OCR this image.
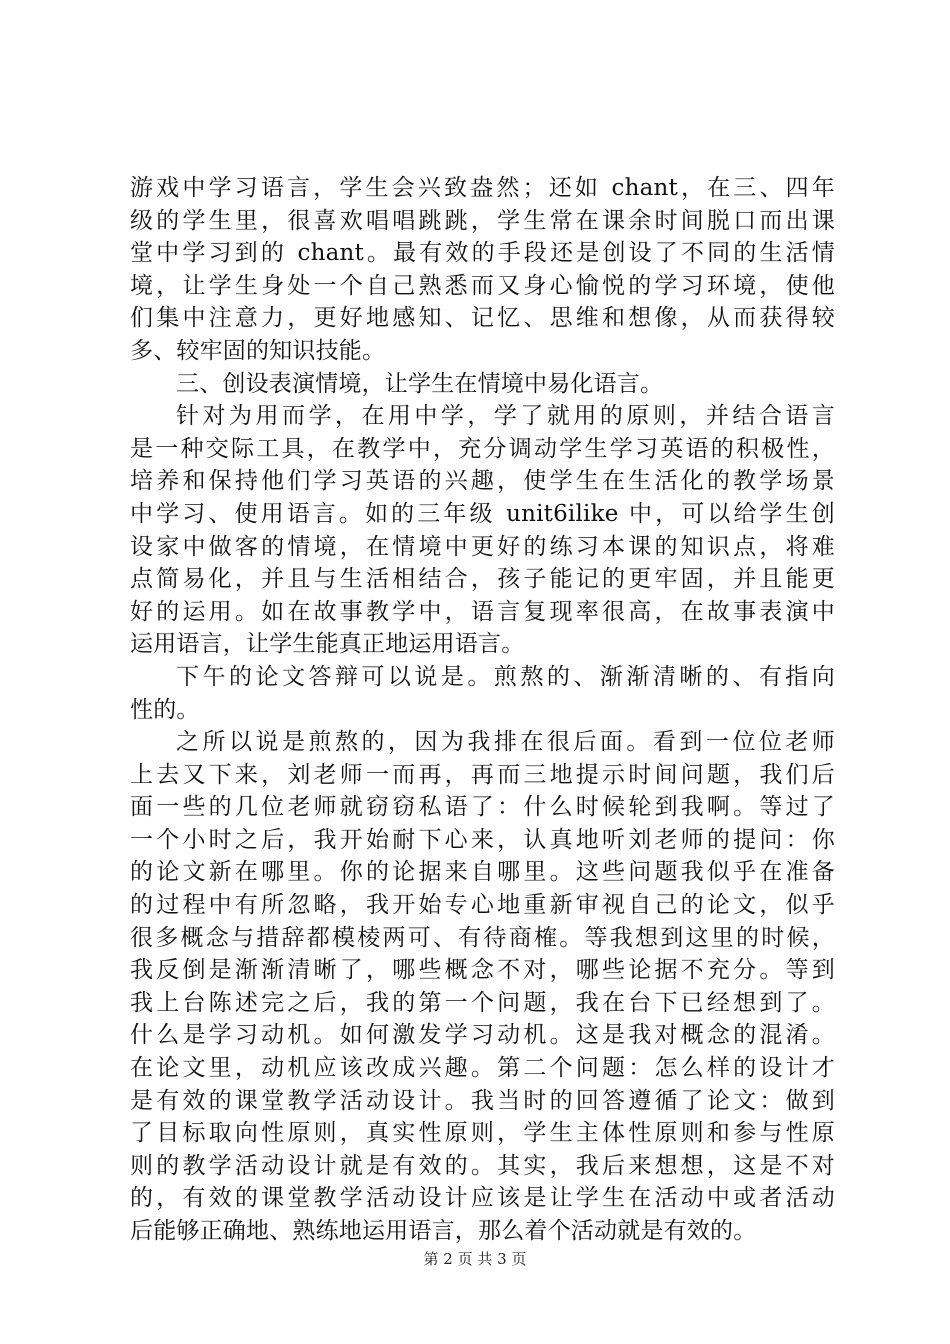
游戏中学习语言，学生会兴致盎然；还如 chant，在三、四年
级的学生里，很喜欢唱唱跳跳，学生常在课余时间脱口而出课
堂中学习到的 chant。最有效的手段还是创设了不同的生活情
境，让学生身处一个自己熟悉而又身心愉悦的学习环境，使他
们集中注意力，更好地感知、记忆、思维和想像，从而获得较
多、较牢固的知识技能。
三、创设表演情境，让学生在情境中易化语言。
针对为用而学，在用中学，学了就用的原则，并结合语言
是一种交际工具，在教学中，充分调动学生学习英语的积极性，
培养和保持他们学习英语的兴趣，使学生在生活化的教学场景
中学习、使用语言。如的三年级 unit6ilike 中，可以给学生创
设家中做客的情境，在情境中更好的练习本课的知识点，将难
点简易化，并且与生活相结合，孩子能记的更牢固，并且能更
好的运用。如在故事教学中，语言复现率很高，在故事表演中
运用语言，让学生能真正地运用语言。
下午的论文答辩可以说是。煎熬的、渐渐清晰的、有指向
性的。
之所以说是煎熬的，因为我排在很后面。看到一位位老师
上去又下来，刘老师一而再，再而三地提示时间问题，我们后
面一些的几位老师就窃窃私语了：什么时候轮到我啊。等过了
一个小时之后，我开始耐下心来，认真地听刘老师的提问：你
的论文新在哪里。你的论据来自哪里。这些问题我似乎在准备
的过程中有所忽略，我开始专心地重新审视自己的论文，似乎
很多概念与措辞都模棱两可、有待商榷。等我想到这里的时候，
我反倒是渐渐清晰了，哪些概念不对，哪些论据不充分。等到
我上台陈述完之后，我的第一个问题，我在台下已经想到了。
什么是学习动机。如何激发学习动机。这是我对概念的混淆。
在论文里，动机应该改成兴趣。第二个问题：怎么样的设计才
是有效的课堂教学活动设计。我当时的回答遵循了论文：做到
了目标取向性原则，真实性原则，学生主体性原则和参与性原
则的教学活动设计就是有效的。其实，我后来想想，这是不对
的，有效的课堂教学活动设计应该是让学生在活动中或者活动
后能够正确地、熟练地运用语言，那么着个活动就是有效的。
第 2 页 共 3 页
